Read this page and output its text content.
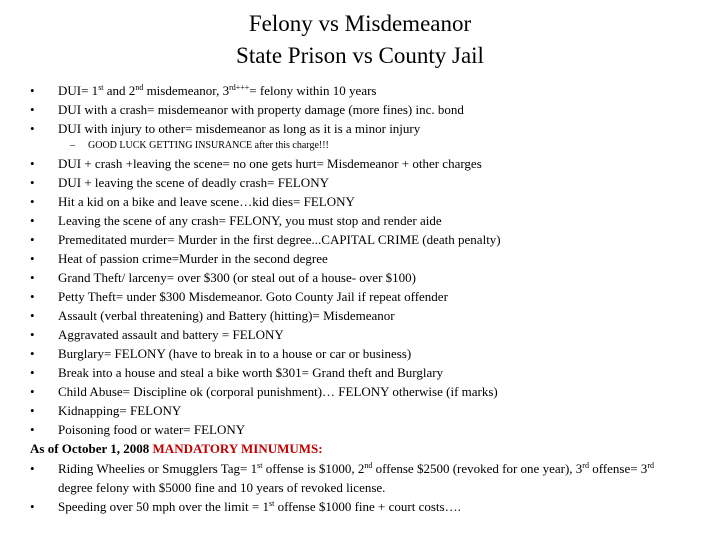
Felony vs Misdemeanor
State Prison vs County Jail
•	DUI= 1st and 2nd misdemeanor, $3^{rd+++}=$ felony within 10 years
•	DUI with a crash= misdemeanor with property damage (more fines) inc. bond
•	DUI with injury to other= misdemeanor as long as it is a minor injury
– GOOD LUCK GETTING INSURANCE after this charge!!!
•	DUI + crash +leaving the scene= no one gets hurt= Misdemeanor + other charges
•	DUI + leaving the scene of deadly crash= FELONY
•	Hit a kid on a bike and leave scene…kid dies= FELONY
•	Leaving the scene of any crash= FELONY, you must stop and render aide
•	Premeditated murder= Murder in the first degree...CAPITAL CRIME (death penalty)
•	Heat of passion crime=Murder in the second degree
•	Grand Theft/ larceny= over $300 (or steal out of a house- over $100)
•	Petty Theft= under $300 Misdemeanor. Goto County Jail if repeat offender
•	Assault (verbal threatening) and Battery (hitting)= Misdemeanor
•	Aggravated assault and battery = FELONY
•	Burglary= FELONY (have to break in to a house or car or business)
•	Break into a house and steal a bike worth $301= Grand theft and Burglary
•	Child Abuse= Discipline ok (corporal punishment)… FELONY otherwise (if marks)
•	Kidnapping= FELONY
•	Poisoning food or water= FELONY
As of October 1, 2008 MANDATORY MINUMUMS:
•	Riding Wheelies or Smugglers Tag= 1st offense is $1000, 2nd offense $2500 (revoked for one year), 3rd offense= 3rd degree felony with $5000 fine and 10 years of revoked license.
•	Speeding over 50 mph over the limit = 1st offense $1000 fine + court costs….
